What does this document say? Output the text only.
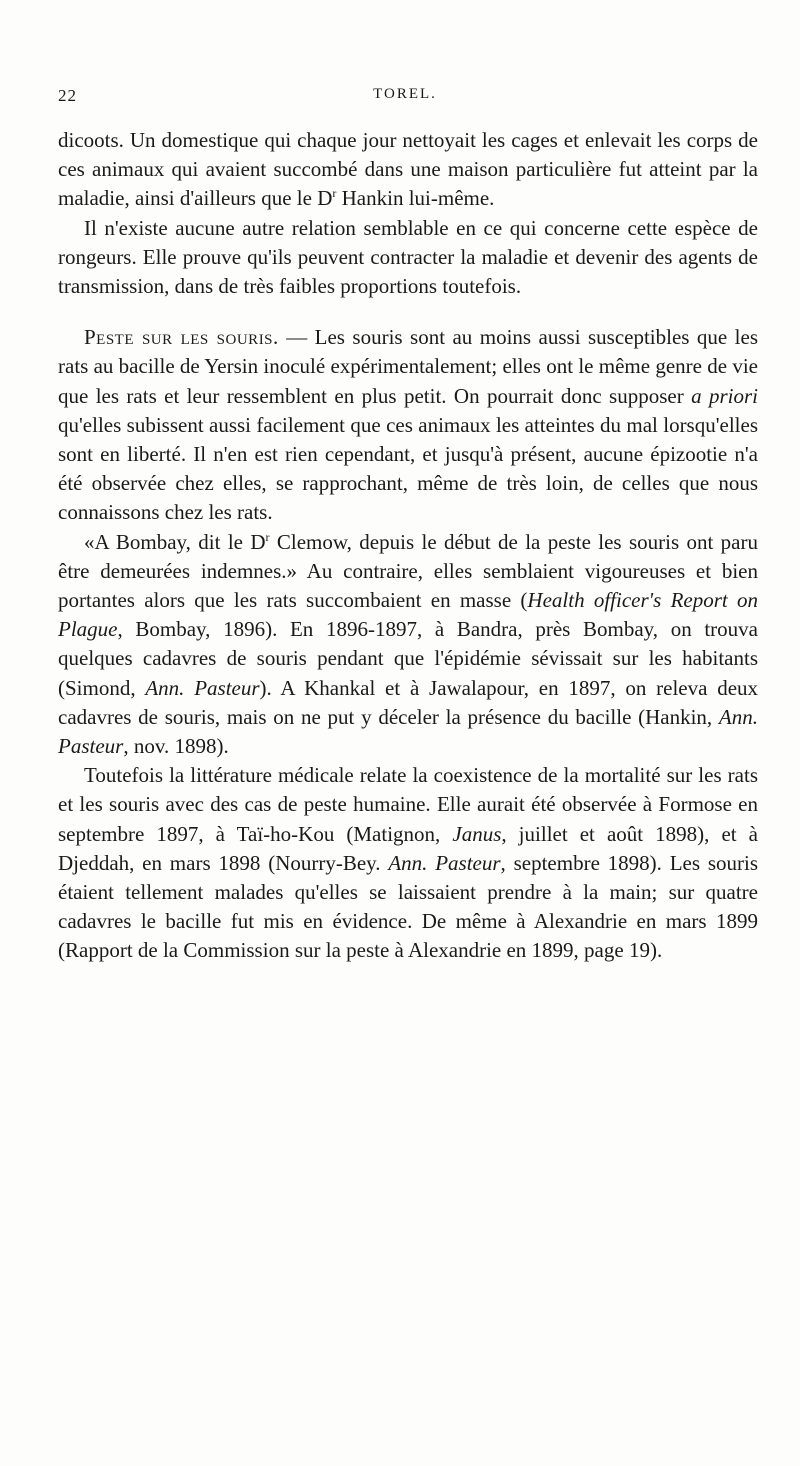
22	TOREL.

dicoots. Un domestique qui chaque jour nettoyait les cages et enlevait les corps de ces animaux qui avaient succombé dans une maison particulière fut atteint par la maladie, ainsi d'ailleurs que le $D^r$ Hankin lui-même.

Il n'existe aucune autre relation semblable en ce qui concerne cette espèce de rongeurs. Elle prouve qu'ils peuvent contracter la maladie et devenir des agents de transmission, dans de très faibles proportions toutefois.

Peste sur les souris. — Les souris sont au moins aussi susceptibles que les rats au bacille de Yersin inoculé expérimentalement; elles ont le même genre de vie que les rats et leur ressemblent en plus petit. On pourrait donc supposer a priori qu'elles subissent aussi facilement que ces animaux les atteintes du mal lorsqu'elles sont en liberté. Il n'en est rien cependant, et jusqu'à présent, aucune épizootie n'a été observée chez elles, se rapprochant, même de très loin, de celles que nous connaissons chez les rats.

«A Bombay, dit le $D^r$ Clemow, depuis le début de la peste les souris ont paru être demeurées indemnes.» Au contraire, elles semblaient vigoureuses et bien portantes alors que les rats succombaient en masse (Health officer's Report on Plague, Bombay, 1896). En 1896-1897, à Bandra, près Bombay, on trouva quelques cadavres de souris pendant que l'épidémie sévissait sur les habitants (Simond, Ann. Pasteur). A Khankal et à Jawalapour, en 1897, on releva deux cadavres de souris, mais on ne put y déceler la présence du bacille (Hankin, Ann. Pasteur, nov. 1898).

Toutefois la littérature médicale relate la coexistence de la mortalité sur les rats et les souris avec des cas de peste humaine. Elle aurait été observée à Formose en septembre 1897, à Taï-ho-Kou (Matignon, Janus, juillet et août 1898), et à Djeddah, en mars 1898 (Nourry-Bey. Ann. Pasteur, septembre 1898). Les souris étaient tellement malades qu'elles se laissaient prendre à la main; sur quatre cadavres le bacille fut mis en évidence. De même à Alexandrie en mars 1899 (Rapport de la Commission sur la peste à Alexandrie en 1899, page 19).
